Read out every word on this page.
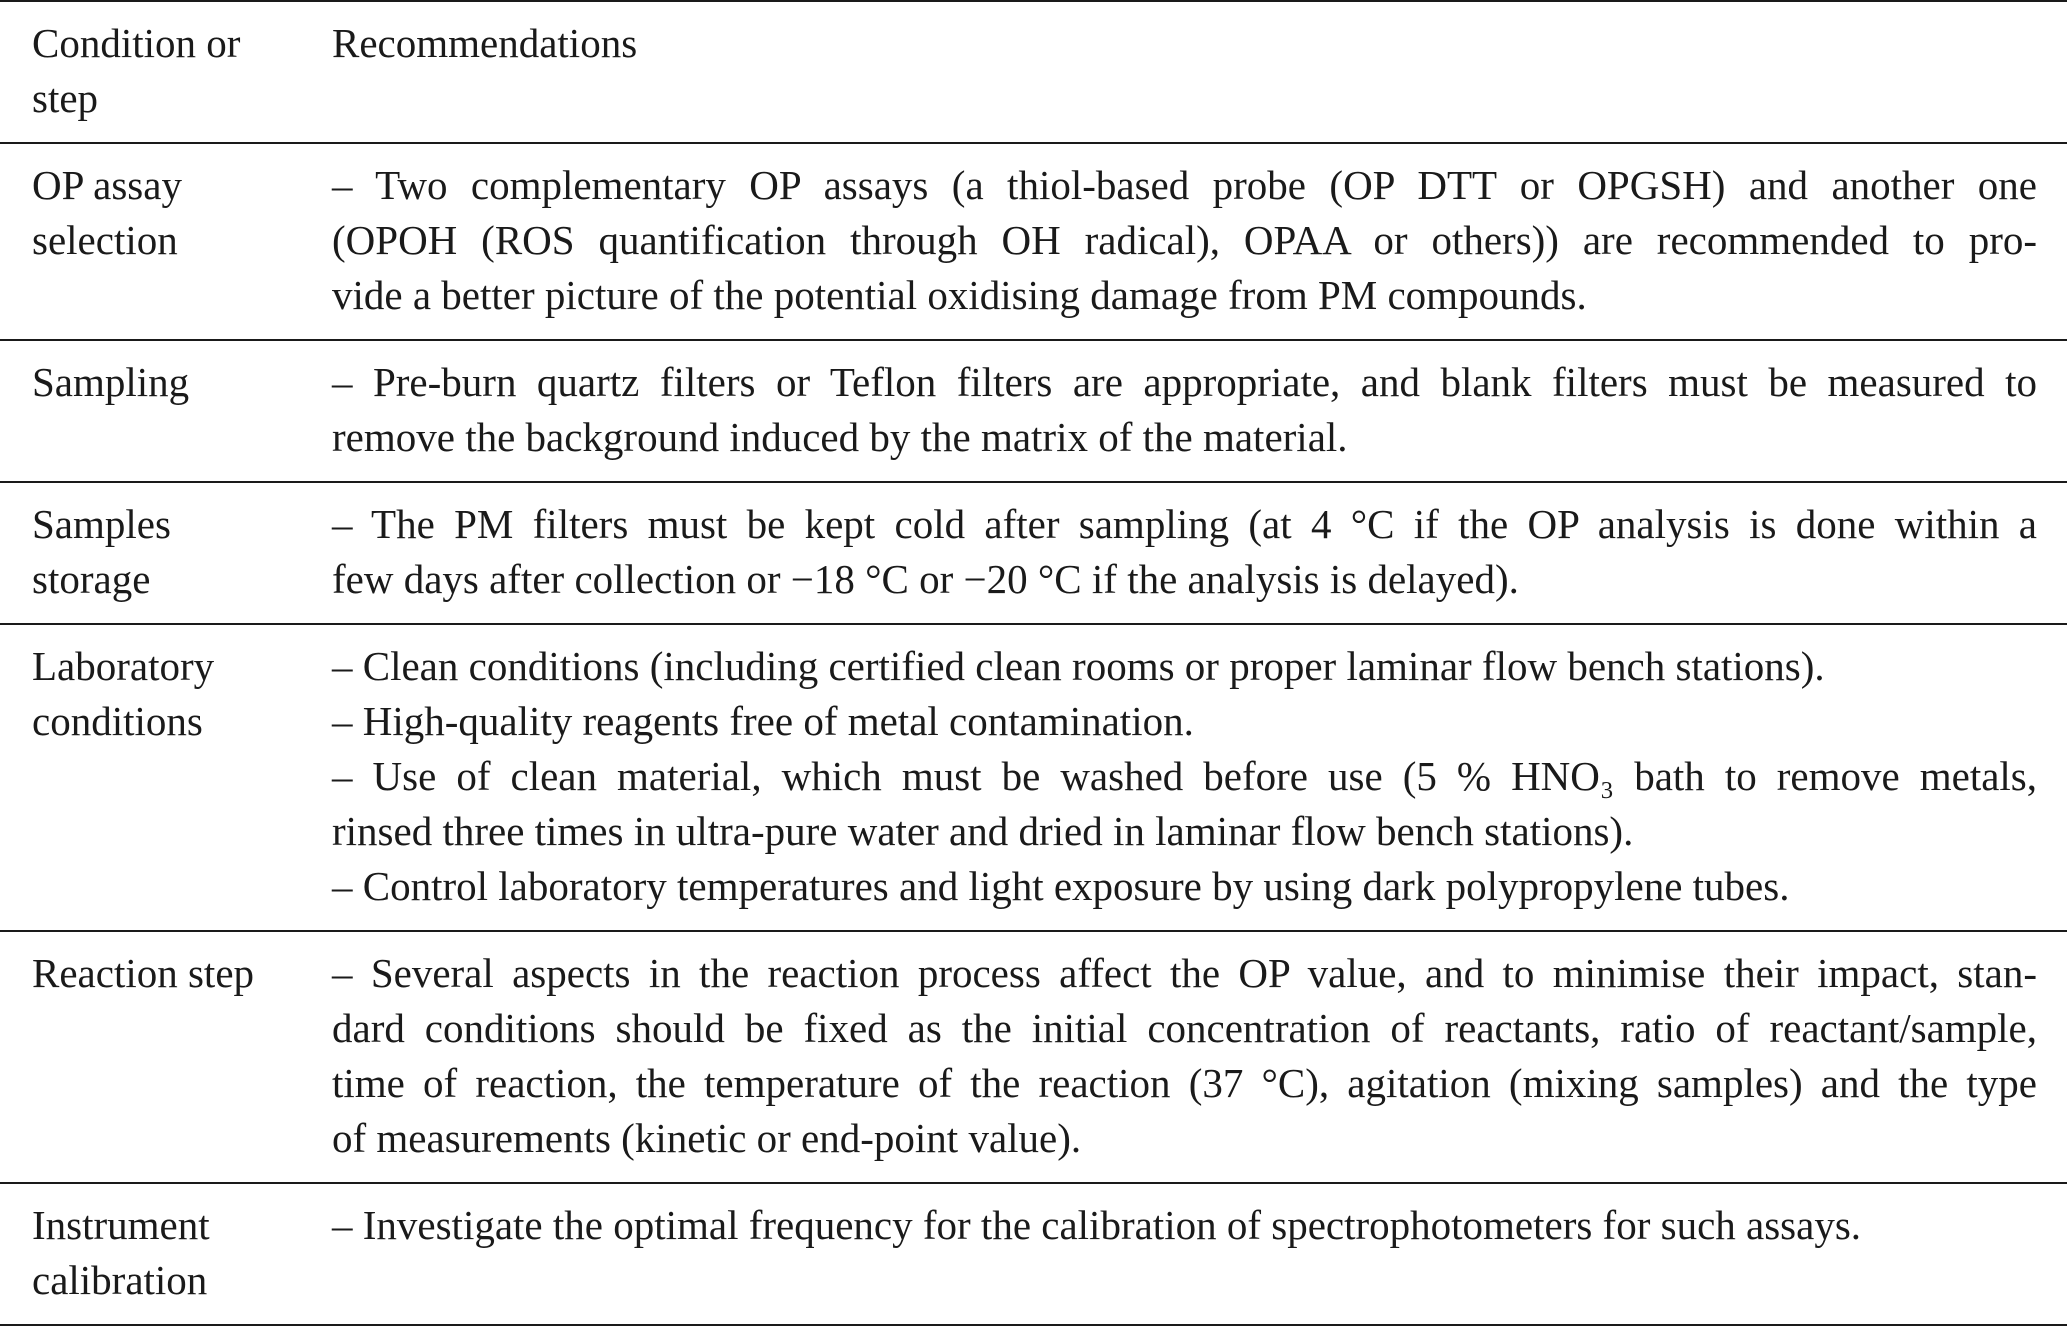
Condition or
step	Recommendations

OP assay
selection	– Two complementary OP assays (a thiol-based probe (OP DTT or OPGSH) and another one
(OPOH (ROS quantification through OH radical), OPAA or others)) are recommended to pro-
vide a better picture of the potential oxidising damage from PM compounds.

Sampling	– Pre-burn quartz filters or Teflon filters are appropriate, and blank filters must be measured to
remove the background induced by the matrix of the material.

Samples
storage	– The PM filters must be kept cold after sampling (at 4 °C if the OP analysis is done within a
few days after collection or −18 °C or −20 °C if the analysis is delayed).

Laboratory
conditions	– Clean conditions (including certified clean rooms or proper laminar flow bench stations).
– High-quality reagents free of metal contamination.
– Use of clean material, which must be washed before use (5 % HNO₃ bath to remove metals,
rinsed three times in ultra-pure water and dried in laminar flow bench stations).
– Control laboratory temperatures and light exposure by using dark polypropylene tubes.

Reaction step	– Several aspects in the reaction process affect the OP value, and to minimise their impact, stan-
dard conditions should be fixed as the initial concentration of reactants, ratio of reactant/sample,
time of reaction, the temperature of the reaction (37 °C), agitation (mixing samples) and the type
of measurements (kinetic or end-point value).

Instrument
calibration	– Investigate the optimal frequency for the calibration of spectrophotometers for such assays.
